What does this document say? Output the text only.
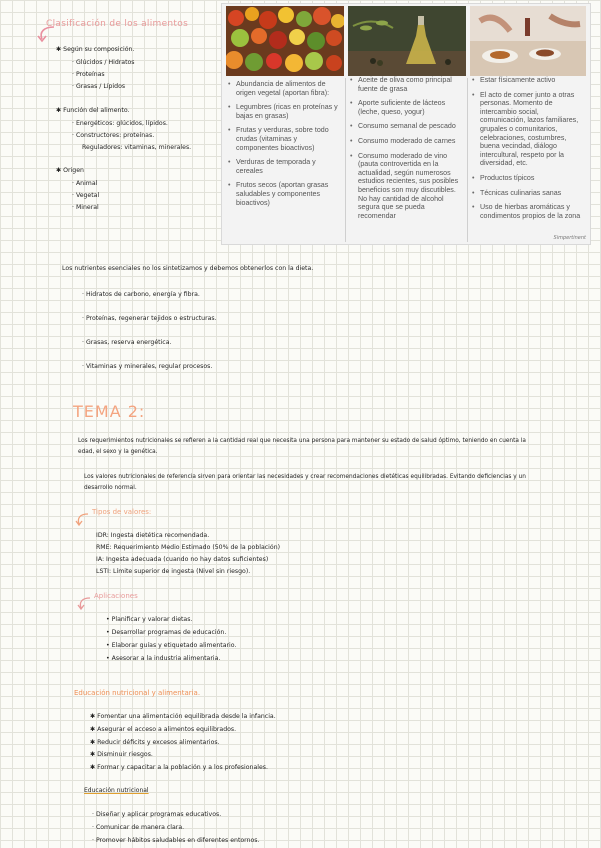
Clasificación de los alimentos
✱ Según su composición.
· Glúcidos / Hidratos
· Proteínas
· Grasas / Lípidos
✱ Función del alimento.
· Energéticos: glúcidos, lípidos.
· Constructores: proteínas.
Reguladores: vitaminas, minerales.
✱ Origen
· Animal
· Vegetal
· Mineral
• Abundancia de alimentos de origen vegetal (aportan fibra):
• Legumbres (ricas en proteínas y bajas en grasas)
• Frutas y verduras, sobre todo crudas (vitaminas y componentes bioactivos)
• Verduras de temporada y cereales
• Frutos secos (aportan grasas saludables y componentes bioactivos)
• Aceite de oliva como principal fuente de grasa
• Aporte suficiente de lácteos (leche, queso, yogur)
• Consumo semanal de pescado
• Consumo moderado de carnes
• Consumo moderado de vino (pauta controvertida en la actualidad, según numerosos estudios recientes, sus posibles beneficios son muy discutibles. No hay cantidad de alcohol segura que se pueda recomendar
• Estar físicamente activo
• El acto de comer junto a otras personas. Momento de intercambio social, comunicación, lazos familiares, grupales o comunitarios, celebraciones, costumbres, buena vecindad, diálogo intercultural, respeto por la diversidad, etc.
• Productos típicos
• Técnicas culinarias sanas
• Uso de hierbas aromáticas y condimentos propios de la zona
Simpertinent
Los nutrientes esenciales no los sintetizamos y debemos obtenerlos con la dieta.
· Hidratos de carbono, energía y fibra.
· Proteínas, regenerar tejidos o estructuras.
· Grasas, reserva energética.
· Vitaminas y minerales, regular procesos.
TEMA 2:
Los requerimientos nutricionales se refieren a la cantidad real que necesita una persona para mantener su estado de salud óptimo, teniendo en cuenta la edad, el sexo y la genética.
Los valores nutricionales de referencia sirven para orientar las necesidades y crear recomendaciones dietéticas equilibradas. Evitando deficiencias y un desarrollo normal.
Tipos de valores:
IDR: Ingesta dietética recomendada.
RME: Requerimiento Medio Estimado (50% de la población)
IA: Ingesta adecuada (cuando no hay datos suficientes)
LSTI: Límite superior de ingesta (Nivel sin riesgo).
Aplicaciones
• Planificar y valorar dietas.
• Desarrollar programas de educación.
• Elaborar guías y etiquetado alimentario.
• Asesorar a la industria alimentaria.
Educación nutricional y alimentaria.
✱ Fomentar una alimentación equilibrada desde la infancia.
✱ Asegurar el acceso a alimentos equilibrados.
✱ Reducir déficits y excesos alimentarios.
✱ Disminuir riesgos.
✱ Formar y capacitar a la población y a los profesionales.
Educación nutricional
· Diseñar y aplicar programas educativos.
· Comunicar de manera clara.
· Promover hábitos saludables en diferentes entornos.
